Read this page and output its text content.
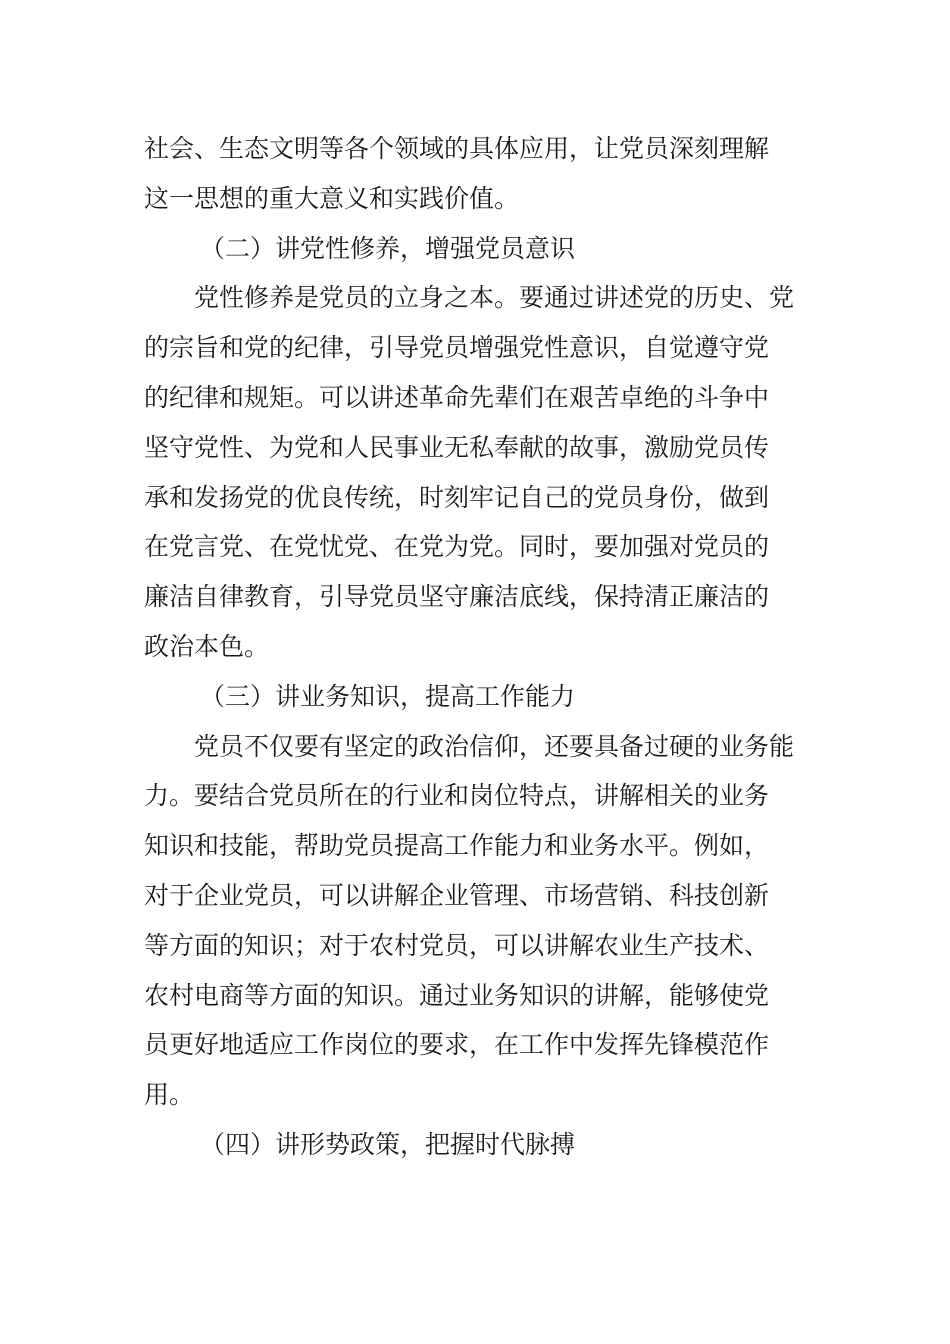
社会、生态文明等各个领域的具体应用，让党员深刻理解
这一思想的重大意义和实践价值。

（二）讲党性修养，增强党员意识

　　党性修养是党员的立身之本。要通过讲述党的历史、党
的宗旨和党的纪律，引导党员增强党性意识，自觉遵守党
的纪律和规矩。可以讲述革命先辈们在艰苦卓绝的斗争中
坚守党性、为党和人民事业无私奉献的故事，激励党员传
承和发扬党的优良传统，时刻牢记自己的党员身份，做到
在党言党、在党忧党、在党为党。同时，要加强对党员的
廉洁自律教育，引导党员坚守廉洁底线，保持清正廉洁的
政治本色。

（三）讲业务知识，提高工作能力

　　党员不仅要有坚定的政治信仰，还要具备过硬的业务能
力。要结合党员所在的行业和岗位特点，讲解相关的业务
知识和技能，帮助党员提高工作能力和业务水平。例如，
对于企业党员，可以讲解企业管理、市场营销、科技创新
等方面的知识；对于农村党员，可以讲解农业生产技术、
农村电商等方面的知识。通过业务知识的讲解，能够使党
员更好地适应工作岗位的要求，在工作中发挥先锋模范作
用。

（四）讲形势政策，把握时代脉搏
